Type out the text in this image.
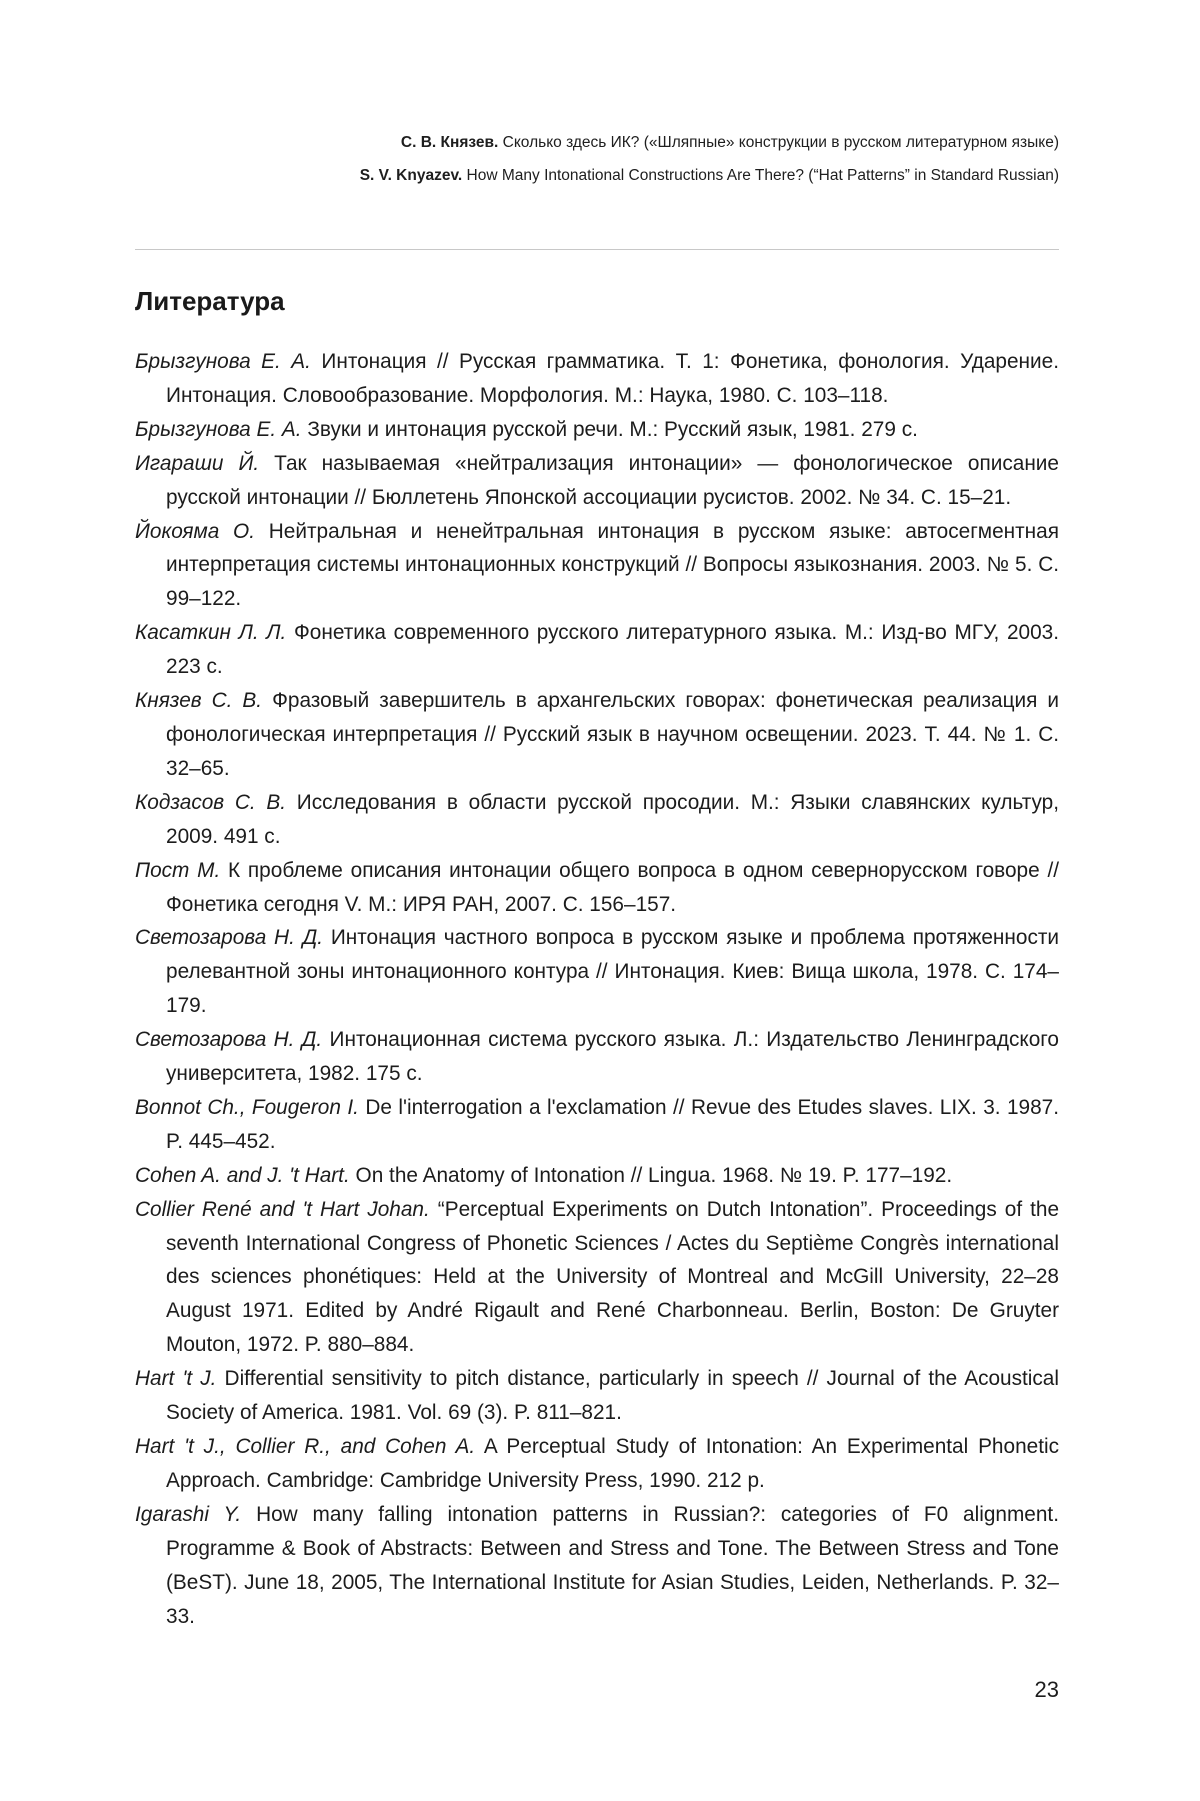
С. В. Князев. Сколько здесь ИК? («Шляпные» конструкции в русском литературном языке)
S. V. Knyazev. How Many Intonational Constructions Are There? (“Hat Patterns” in Standard Russian)
Литература
Брызгунова Е. А. Интонация // Русская грамматика. Т. 1: Фонетика, фонология. Ударение. Интонация. Словообразование. Морфология. М.: Наука, 1980. С. 103–118.
Брызгунова Е. А. Звуки и интонация русской речи. М.: Русский язык, 1981. 279 с.
Игараши Й. Так называемая «нейтрализация интонации» — фонологическое описание русской интонации // Бюллетень Японской ассоциации русистов. 2002. № 34. С. 15–21.
Йокояма О. Нейтральная и ненейтральная интонация в русском языке: автосегментная интерпретация системы интонационных конструкций // Вопросы языкознания. 2003. № 5. С. 99–122.
Касаткин Л. Л. Фонетика современного русского литературного языка. М.: Изд-во МГУ, 2003. 223 с.
Князев С. В. Фразовый завершитель в архангельских говорах: фонетическая реализация и фонологическая интерпретация // Русский язык в научном освещении. 2023. Т. 44. № 1. С. 32–65.
Кодзасов С. В. Исследования в области русской просодии. М.: Языки славянских культур, 2009. 491 с.
Пост М. К проблеме описания интонации общего вопроса в одном севернорусском говоре // Фонетика сегодня V. М.: ИРЯ РАН, 2007. С. 156–157.
Светозарова Н. Д. Интонация частного вопроса в русском языке и проблема протяженности релевантной зоны интонационного контура // Интонация. Киев: Вища школа, 1978. С. 174–179.
Светозарова Н. Д. Интонационная система русского языка. Л.: Издательство Ленинградского университета, 1982. 175 с.
Bonnot Ch., Fougeron I. De l'interrogation a l'exclamation // Revue des Etudes slaves. LIX. 3. 1987. P. 445–452.
Cohen A. and J. 't Hart. On the Anatomy of Intonation // Lingua. 1968. № 19. P. 177–192.
Collier René and 't Hart Johan. “Perceptual Experiments on Dutch Intonation”. Proceedings of the seventh International Congress of Phonetic Sciences / Actes du Septième Congrès international des sciences phonétiques: Held at the University of Montreal and McGill University, 22–28 August 1971. Edited by André Rigault and René Charbonneau. Berlin, Boston: De Gruyter Mouton, 1972. P. 880–884.
Hart 't J. Differential sensitivity to pitch distance, particularly in speech // Journal of the Acoustical Society of America. 1981. Vol. 69 (3). P. 811–821.
Hart 't J., Collier R., and Cohen A. A Perceptual Study of Intonation: An Experimental Phonetic Approach. Cambridge: Cambridge University Press, 1990. 212 p.
Igarashi Y. How many falling intonation patterns in Russian?: categories of F0 alignment. Programme & Book of Abstracts: Between and Stress and Tone. The Between Stress and Tone (BeST). June 18, 2005, The International Institute for Asian Studies, Leiden, Netherlands. P. 32–33.
23
